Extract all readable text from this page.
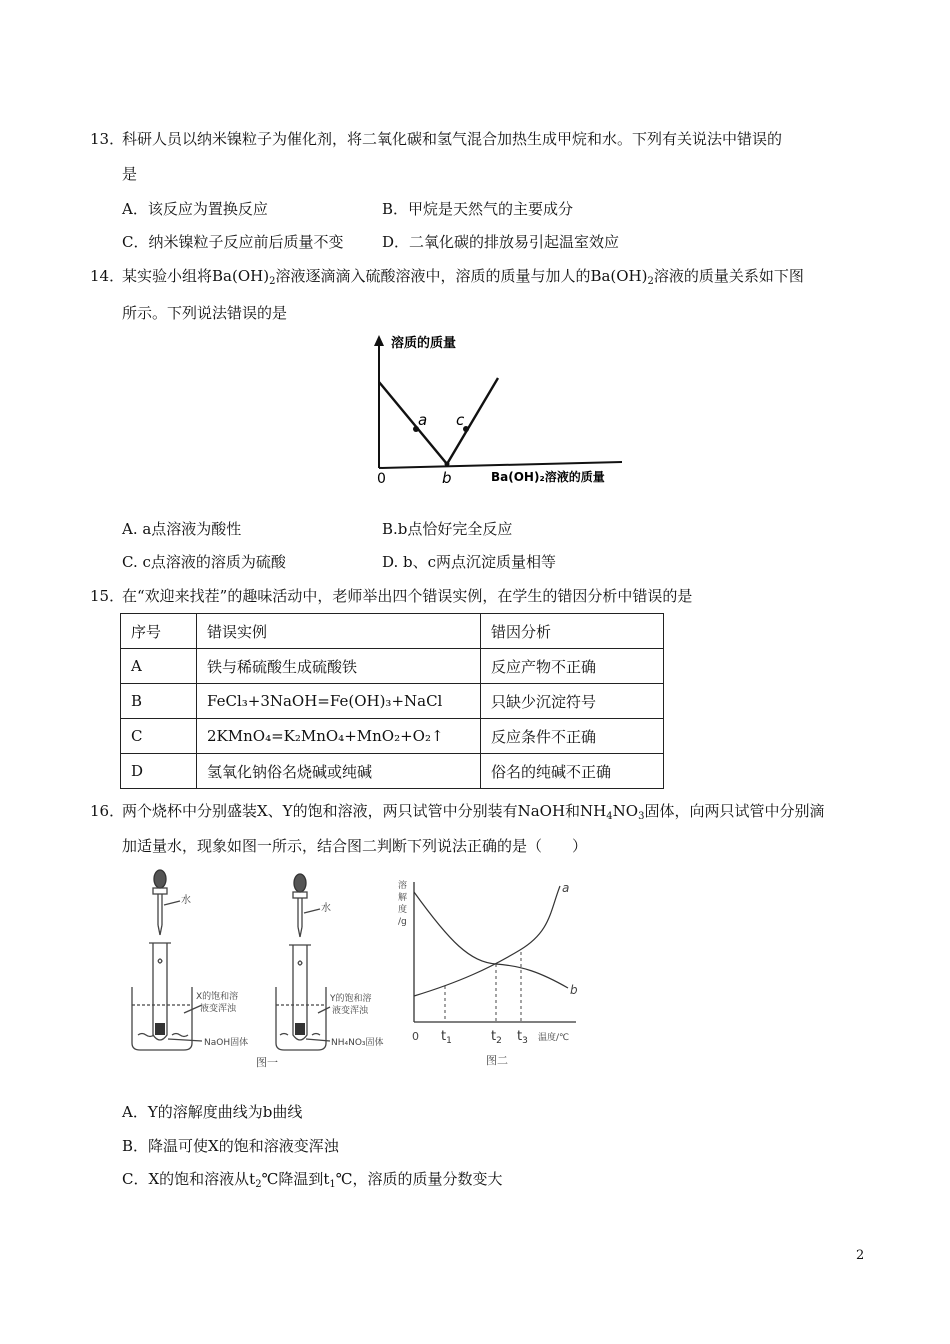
13．
科研人员以纳米镍粒子为催化剂，将二氧化碳和氢气混合加热生成甲烷和水。下列有关说法中错误的
是
A．该反应为置换反应	B．甲烷是天然气的主要成分
C．纳米镍粒子反应前后质量不变	D．二氧化碳的排放易引起温室效应
14．
某实验小组将$Ba(OH)_2$溶液逐滴滴入硫酸溶液中，溶质的质量与加人的$Ba(OH)_2$溶液的质量关系如下图
所示。下列说法错误的是
溶质的质量
0
a
b
c
Ba(OH)₂溶液的质量
A. a点溶液为酸性	B.b点恰好完全反应
C. c点溶液的溶质为硫酸	D. b、c两点沉淀质量相等
15．
在“欢迎来找茬”的趣味活动中，老师举出四个错误实例，在学生的错因分析中错误的是
序号	错误实例	错因分析
A	铁与稀硫酸生成硫酸铁	反应产物不正确
B	FeCl₃+3NaOH=Fe(OH)₃+NaCl	只缺少沉淀符号
C	2KMnO₄=K₂MnO₄+MnO₂+O₂↑	反应条件不正确
D	氢氧化钠俗名烧碱或纯碱	俗名的纯碱不正确
16．
两个烧杯中分别盛装X、Y的饱和溶液，两只试管中分别装有NaOH和$NH_4NO_3$固体，向两只试管中分别滴
加适量水，现象如图一所示，结合图二判断下列说法正确的是（　　）
水
水
X的饱和溶
液变浑浊
NaOH固体
Y的饱和溶
液变浑浊
NH₄NO₃固体
图一
溶
解
度
/g
0 $t_1$	$t_2$ $t_3$ 温度/℃
a
b
图二
A．Y的溶解度曲线为b曲线
B．降温可使X的饱和溶液变浑浊
C．X的饱和溶液从$t_2℃$降温到$t_1℃$，溶质的质量分数变大
2
